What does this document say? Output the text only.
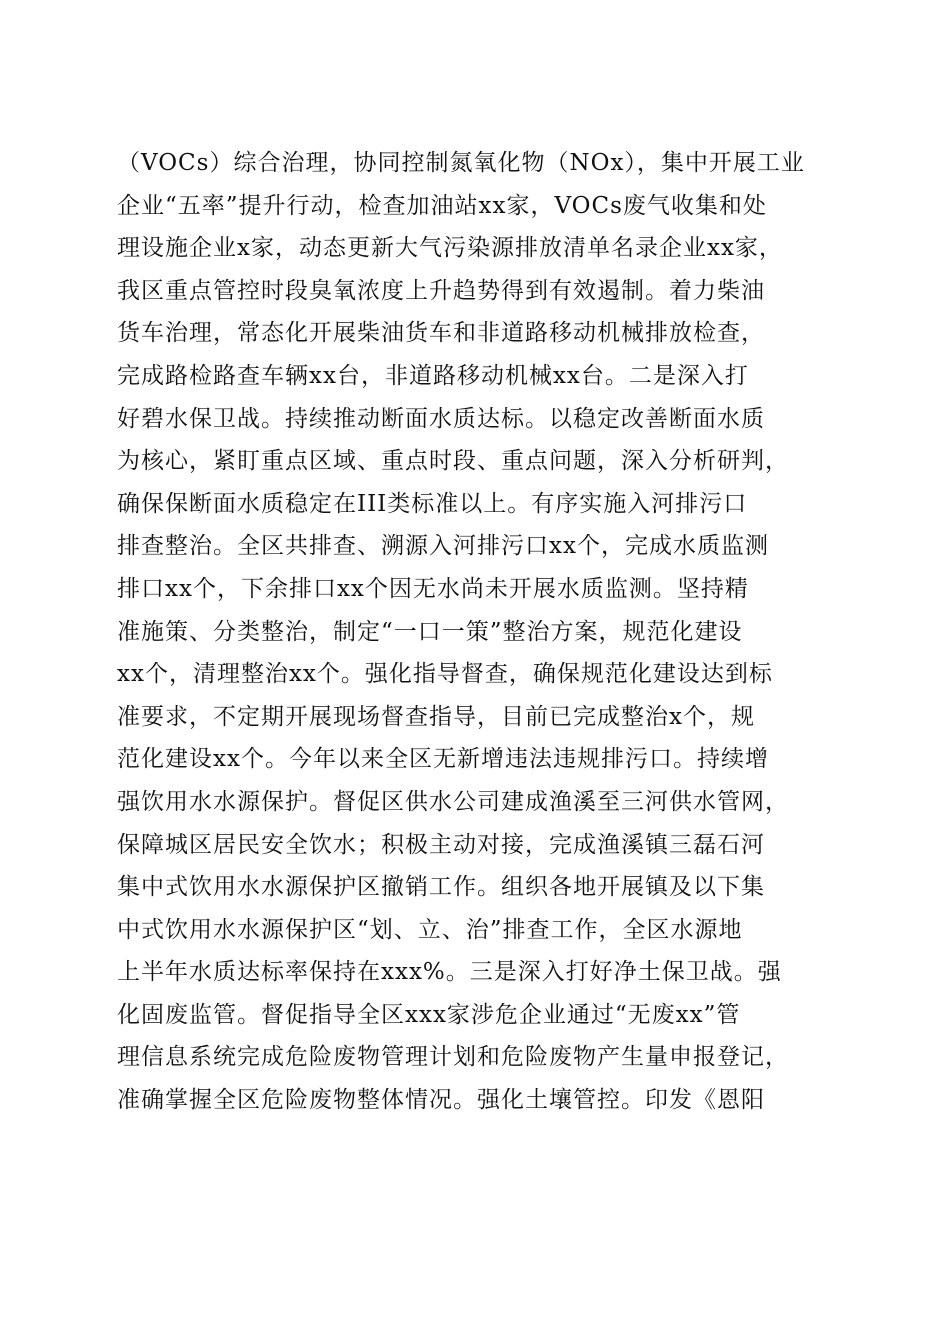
（VOCs）综合治理，协同控制氮氧化物（NOx），集中开展工业
企业“五率”提升行动，检查加油站xx家，VOCs废气收集和处
理设施企业x家，动态更新大气污染源排放清单名录企业xx家，
我区重点管控时段臭氧浓度上升趋势得到有效遏制。着力柴油
货车治理，常态化开展柴油货车和非道路移动机械排放检查，
完成路检路查车辆xx台，非道路移动机械xx台。二是深入打
好碧水保卫战。持续推动断面水质达标。以稳定改善断面水质
为核心，紧盯重点区域、重点时段、重点问题，深入分析研判，
确保保断面水质稳定在III类标准以上。有序实施入河排污口
排查整治。全区共排查、溯源入河排污口xx个，完成水质监测
排口xx个，下余排口xx个因无水尚未开展水质监测。坚持精
准施策、分类整治，制定“一口一策”整治方案，规范化建设
xx个，清理整治xx个。强化指导督查，确保规范化建设达到标
准要求，不定期开展现场督查指导，目前已完成整治x个，规
范化建设xx个。今年以来全区无新增违法违规排污口。持续增
强饮用水水源保护。督促区供水公司建成渔溪至三河供水管网，
保障城区居民安全饮水；积极主动对接，完成渔溪镇三磊石河
集中式饮用水水源保护区撤销工作。组织各地开展镇及以下集
中式饮用水水源保护区“划、立、治”排查工作，全区水源地
上半年水质达标率保持在xxx%。三是深入打好净土保卫战。强
化固废监管。督促指导全区xxx家涉危企业通过“无废xx”管
理信息系统完成危险废物管理计划和危险废物产生量申报登记，
准确掌握全区危险废物整体情况。强化土壤管控。印发《恩阳
